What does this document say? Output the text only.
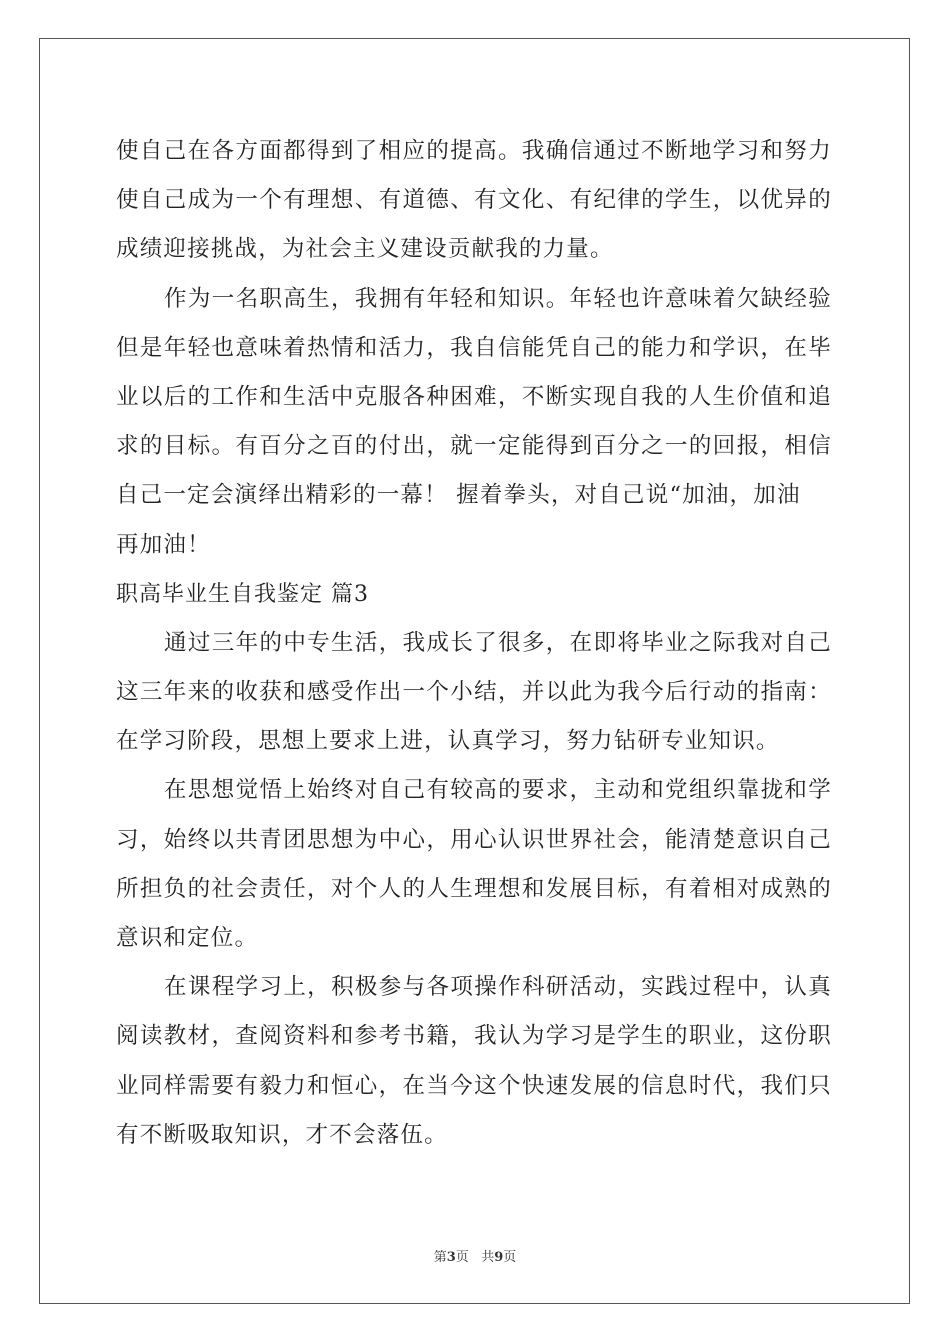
使自己在各方面都得到了相应的提高。我确信通过不断地学习和努力
使自己成为一个有理想、有道德、有文化、有纪律的学生，以优异的
成绩迎接挑战，为社会主义建设贡献我的力量。
作为一名职高生，我拥有年轻和知识。年轻也许意味着欠缺经验
但是年轻也意味着热情和活力，我自信能凭自己的能力和学识，在毕
业以后的工作和生活中克服各种困难，不断实现自我的人生价值和追
求的目标。有百分之百的付出，就一定能得到百分之一的回报，相信
自己一定会演绎出精彩的一幕！ 握着拳头，对自己说“加油，加油
再加油！
职高毕业生自我鉴定 篇3
通过三年的中专生活，我成长了很多，在即将毕业之际我对自己
这三年来的收获和感受作出一个小结，并以此为我今后行动的指南：
在学习阶段，思想上要求上进，认真学习，努力钻研专业知识。
在思想觉悟上始终对自己有较高的要求，主动和党组织靠拢和学
习，始终以共青团思想为中心，用心认识世界社会，能清楚意识自己
所担负的社会责任，对个人的人生理想和发展目标，有着相对成熟的
意识和定位。
在课程学习上，积极参与各项操作科研活动，实践过程中，认真
阅读教材，查阅资料和参考书籍，我认为学习是学生的职业，这份职
业同样需要有毅力和恒心，在当今这个快速发展的信息时代，我们只
有不断吸取知识，才不会落伍。
第3页 共9页
